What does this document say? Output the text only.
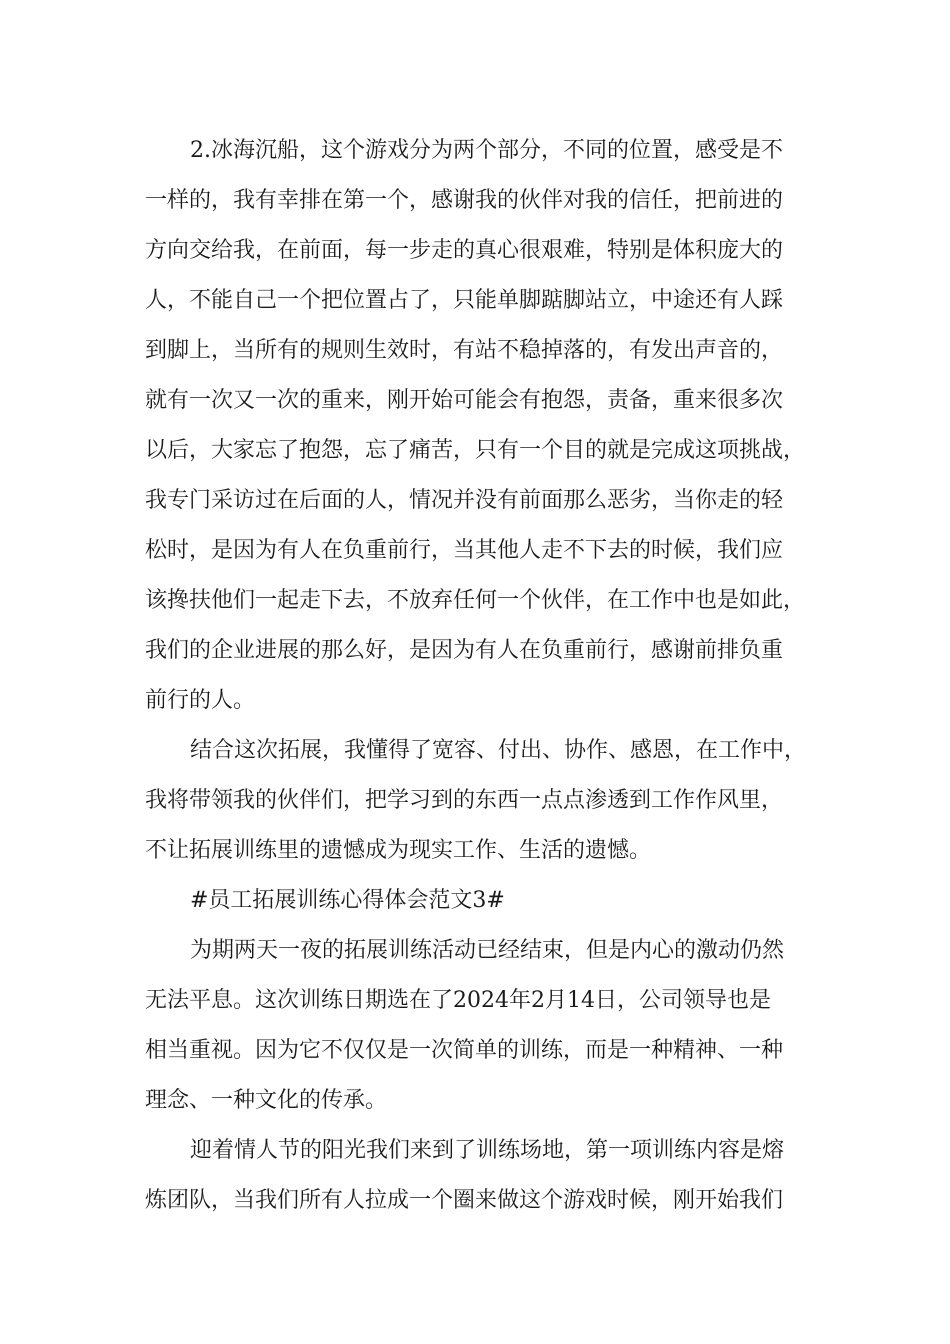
2.冰海沉船，这个游戏分为两个部分，不同的位置，感受是不
一样的，我有幸排在第一个，感谢我的伙伴对我的信任，把前进的
方向交给我，在前面，每一步走的真心很艰难，特别是体积庞大的
人，不能自己一个把位置占了，只能单脚踮脚站立，中途还有人踩
到脚上，当所有的规则生效时，有站不稳掉落的，有发出声音的，
就有一次又一次的重来，刚开始可能会有抱怨，责备，重来很多次
以后，大家忘了抱怨，忘了痛苦，只有一个目的就是完成这项挑战，
我专门采访过在后面的人，情况并没有前面那么恶劣，当你走的轻
松时，是因为有人在负重前行，当其他人走不下去的时候，我们应
该搀扶他们一起走下去，不放弃任何一个伙伴，在工作中也是如此，
我们的企业进展的那么好，是因为有人在负重前行，感谢前排负重
前行的人。
结合这次拓展，我懂得了宽容、付出、协作、感恩，在工作中，
我将带领我的伙伴们，把学习到的东西一点点渗透到工作作风里，
不让拓展训练里的遗憾成为现实工作、生活的遗憾。
#员工拓展训练心得体会范文3#
为期两天一夜的拓展训练活动已经结束，但是内心的激动仍然
无法平息。这次训练日期选在了2024年2月14日，公司领导也是
相当重视。因为它不仅仅是一次简单的训练，而是一种精神、一种
理念、一种文化的传承。
迎着情人节的阳光我们来到了训练场地，第一项训练内容是熔
炼团队，当我们所有人拉成一个圈来做这个游戏时候，刚开始我们
